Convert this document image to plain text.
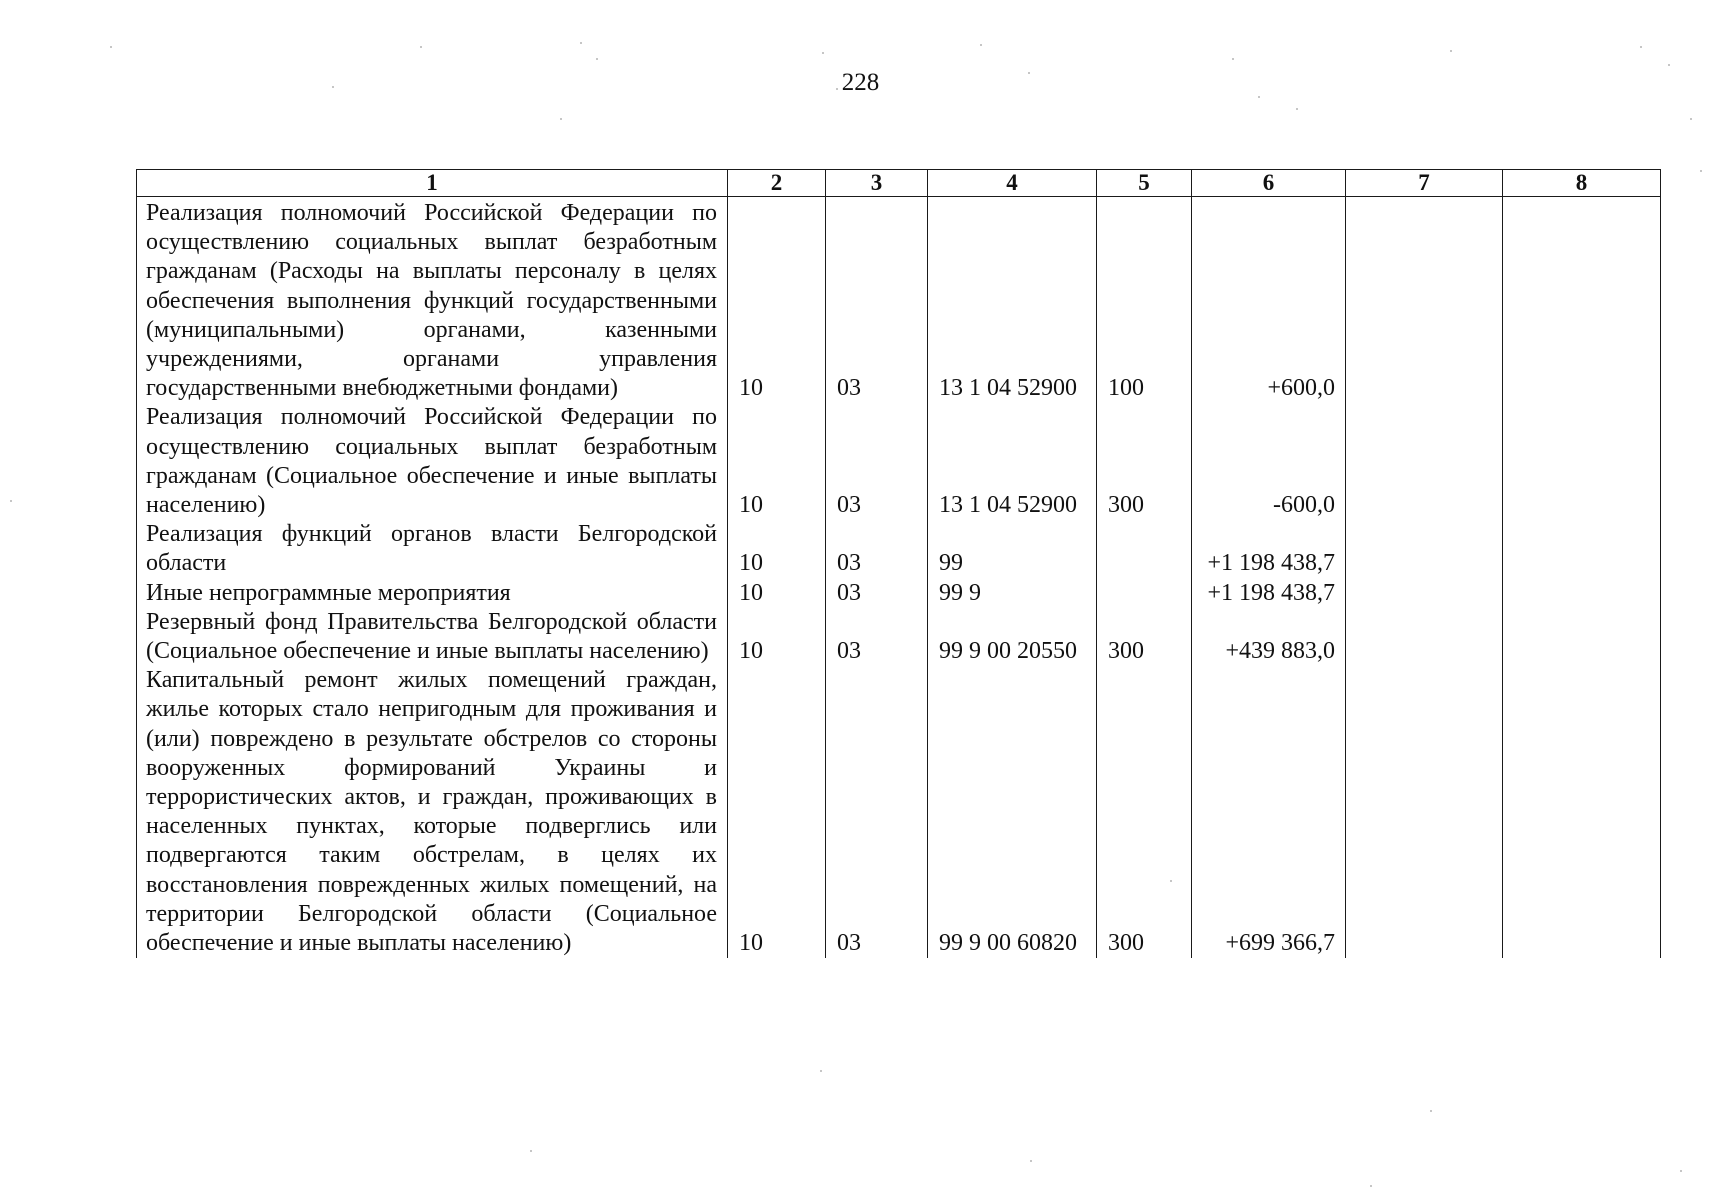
228
1	2	3	4	5	6	7	8
Реализация полномочий Российской Федерации по осуществлению социальных выплат безработным гражданам (Расходы на выплаты персоналу в целях обеспечения выполнения функций государственными (муниципальными) органами, казенными учреждениями, органами управления государственными внебюджетными фондами)	10	03	13 1 04 52900	100	+600,0		
Реализация полномочий Российской Федерации по осуществлению социальных выплат безработным гражданам (Социальное обеспечение и иные выплаты населению)	10	03	13 1 04 52900	300	-600,0		
Реализация функций органов власти Белгородской области	10	03	99		+1 198 438,7		
Иные непрограммные мероприятия	10	03	99 9		+1 198 438,7		
Резервный фонд Правительства Белгородской области (Социальное обеспечение и иные выплаты населению)	10	03	99 9 00 20550	300	+439 883,0		
Капитальный ремонт жилых помещений граждан, жилье которых стало непригодным для проживания и (или) повреждено в результате обстрелов со стороны вооруженных формирований Украины и террористических актов, и граждан, проживающих в населенных пунктах, которые подверглись или подвергаются таким обстрелам, в целях их восстановления поврежденных жилых помещений, на территории Белгородской области (Социальное обеспечение и иные выплаты населению)	10	03	99 9 00 60820	300	+699 366,7		
